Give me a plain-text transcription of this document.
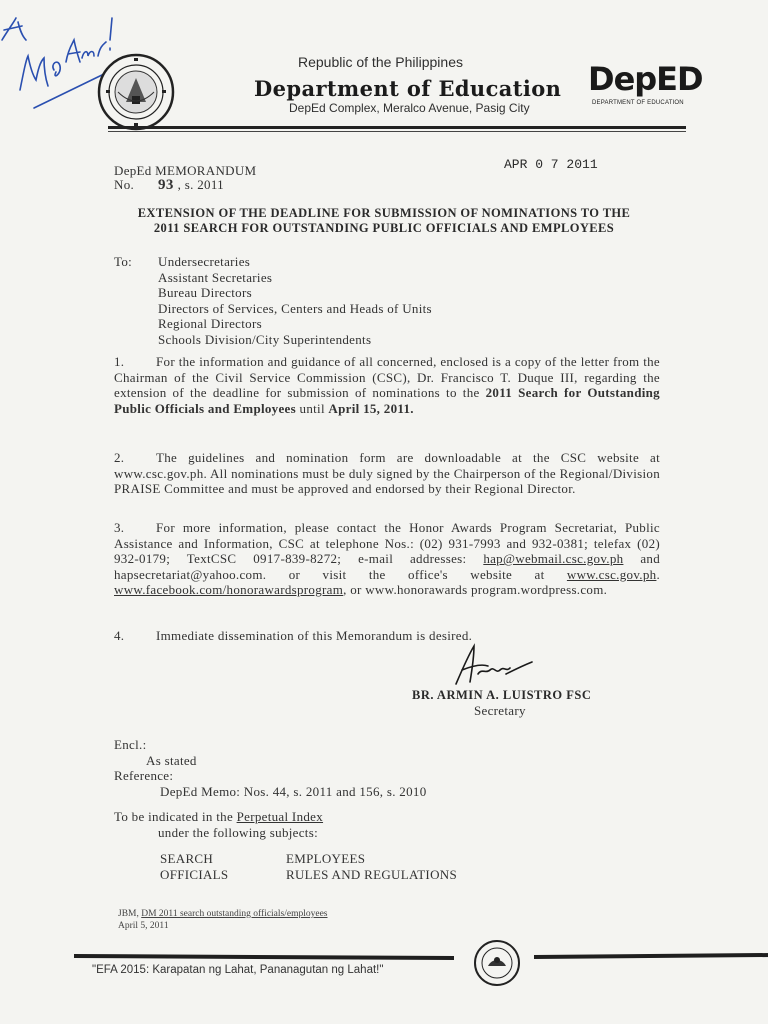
Republic of the Philippines
Department of Education
DepEd Complex, Meralco Avenue, Pasig City
DepED
DEPARTMENT OF EDUCATION
DepEd MEMORANDUM
No. 93 , s. 2011
APR 0 7 2011
EXTENSION OF THE DEADLINE FOR SUBMISSION OF NOMINATIONS TO THE
2011 SEARCH FOR OUTSTANDING PUBLIC OFFICIALS AND EMPLOYEES
To: Undersecretaries
Assistant Secretaries
Bureau Directors
Directors of Services, Centers and Heads of Units
Regional Directors
Schools Division/City Superintendents
1. For the information and guidance of all concerned, enclosed is a copy of the letter from the Chairman of the Civil Service Commission (CSC), Dr. Francisco T. Duque III, regarding the extension of the deadline for submission of nominations to the 2011 Search for Outstanding Public Officials and Employees until April 15, 2011.
2. The guidelines and nomination form are downloadable at the CSC website at www.csc.gov.ph. All nominations must be duly signed by the Chairperson of the Regional/Division PRAISE Committee and must be approved and endorsed by their Regional Director.
3. For more information, please contact the Honor Awards Program Secretariat, Public Assistance and Information, CSC at telephone Nos.: (02) 931-7993 and 932-0381; telefax (02) 932-0179; TextCSC 0917-839-8272; e-mail addresses: hap@webmail.csc.gov.ph and hapsecretariat@yahoo.com. or visit the office's website at www.csc.gov.ph. www.facebook.com/honorawardsprogram, or www.honorawards program.wordpress.com.
4. Immediate dissemination of this Memorandum is desired.
BR. ARMIN A. LUISTRO FSC
Secretary
Encl.:
As stated
Reference:
DepEd Memo: Nos. 44, s. 2011 and 156, s. 2010
To be indicated in the Perpetual Index
under the following subjects:
SEARCH
OFFICIALS
EMPLOYEES
RULES AND REGULATIONS
JBM, DM 2011 search outstanding officials/employees
April 5, 2011
"EFA 2015: Karapatan ng Lahat, Pananagutan ng Lahat!"
